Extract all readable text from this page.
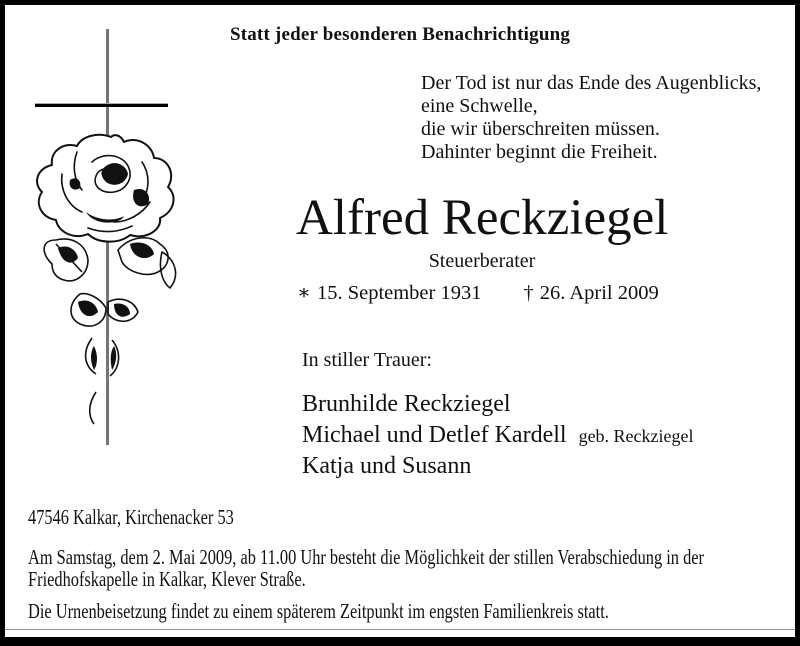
Statt jeder besonderen Benachrichtigung
Der Tod ist nur das Ende des Augenblicks,
eine Schwelle,
die wir überschreiten müssen.
Dahinter beginnt die Freiheit.
Alfred Reckziegel
Steuerberater
∗ 15. September 1931 † 26. April 2009
In stiller Trauer:
Brunhilde Reckziegel
Michael und Detlef Kardell geb. Reckziegel
Katja und Susann
47546 Kalkar, Kirchenacker 53
Am Samstag, dem 2. Mai 2009, ab 11.00 Uhr besteht die Möglichkeit der stillen Verabschiedung in der
Friedhofskapelle in Kalkar, Klever Straße.
Die Urnenbeisetzung findet zu einem späterem Zeitpunkt im engsten Familienkreis statt.
